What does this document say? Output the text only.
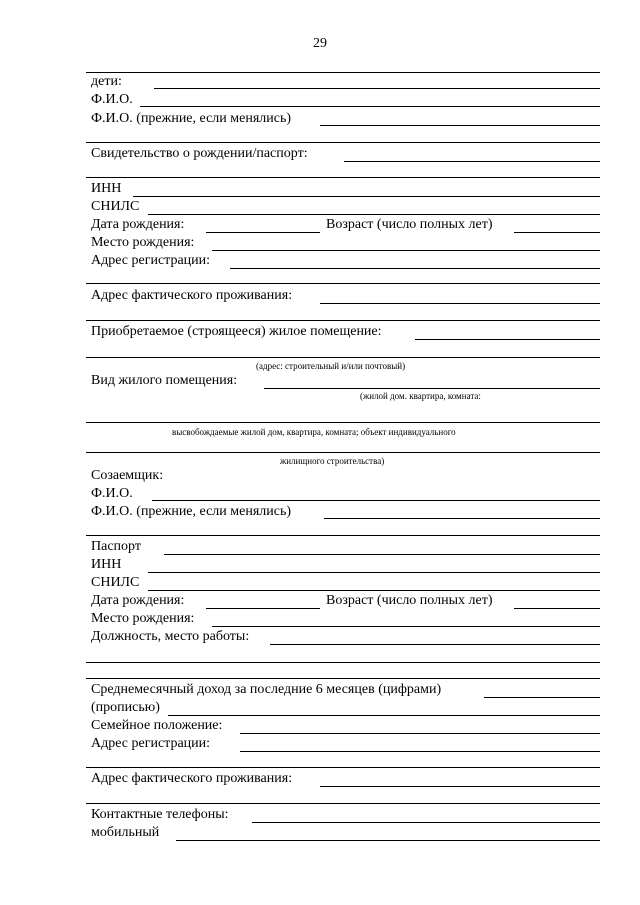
29
дети:
Ф.И.О.
Ф.И.О. (прежние, если менялись)
Свидетельство о рождении/паспорт:
ИНН
СНИЛС
Дата рождения:	Возраст (число полных лет)
Место рождения:
Адрес регистрации:
Адрес фактического проживания:
Приобретаемое (строящееся) жилое помещение:
(адрес: строительный и/или почтовый)
Вид жилого помещения:
(жилой дом. квартира, комната:
высвобождаемые жилой дом, квартира, комната; объект индивидуального
жилищного строительства)
Созаемщик:
Ф.И.О.
Ф.И.О. (прежние, если менялись)
Паспорт
ИНН
СНИЛС
Дата рождения:	Возраст (число полных лет)
Место рождения:
Должность, место работы:
Среднемесячный доход за последние 6 месяцев (цифрами)
(прописью)
Семейное положение:
Адрес регистрации:
Адрес фактического проживания:
Контактные телефоны:
мобильный
